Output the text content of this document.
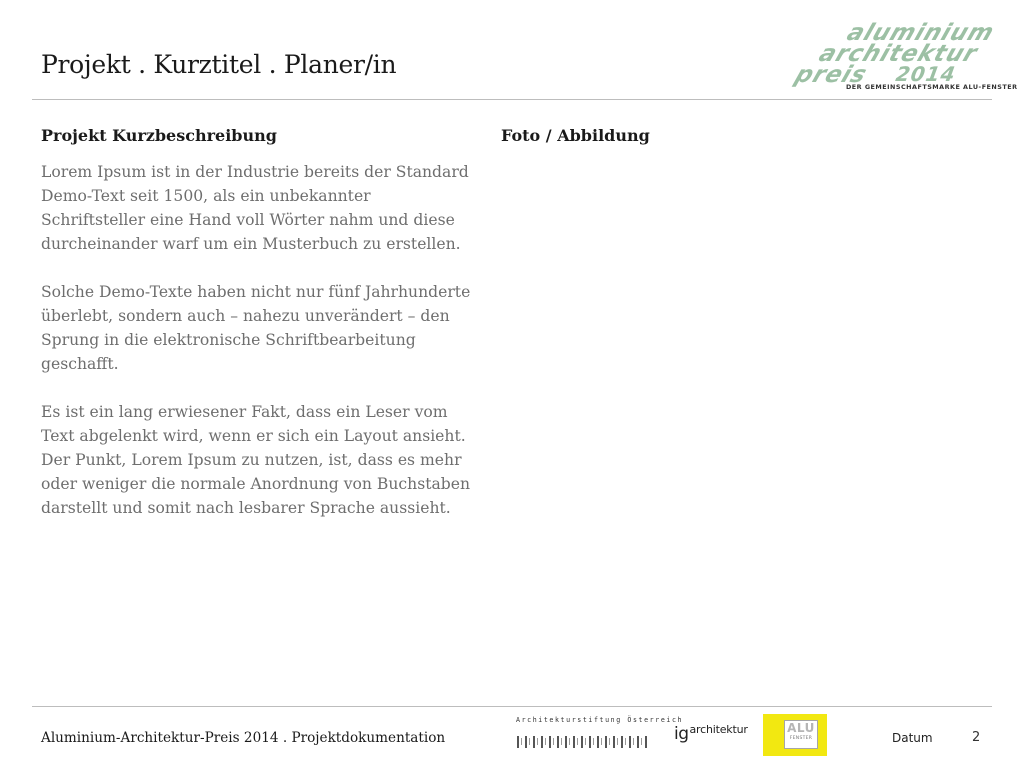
Projekt . Kurztitel . Planer/in
aluminium
architektur
preis 2014
DER GEMEINSCHAFTSMARKE ALU-FENSTER
Projekt Kurzbeschreibung	Foto / Abbildung

Lorem Ipsum ist in der Industrie bereits der Standard Demo-Text seit 1500, als ein unbekannter Schriftsteller eine Hand voll Wörter nahm und diese durcheinander warf um ein Musterbuch zu erstellen.

Solche Demo-Texte haben nicht nur fünf Jahrhunderte überlebt, sondern auch – nahezu unverändert – den Sprung in die elektronische Schriftbearbeitung geschafft.

Es ist ein lang erwiesener Fakt, dass ein Leser vom Text abgelenkt wird, wenn er sich ein Layout ansieht. Der Punkt, Lorem Ipsum zu nutzen, ist, dass es mehr oder weniger die normale Anordnung von Buchstaben darstellt und somit nach lesbarer Sprache aussieht.

Aluminium-Architektur-Preis 2014 . Projektdokumentation
Architekturstiftung Österreich
$ig^{architektur}$	ALU
FENSTER	Datum	2
